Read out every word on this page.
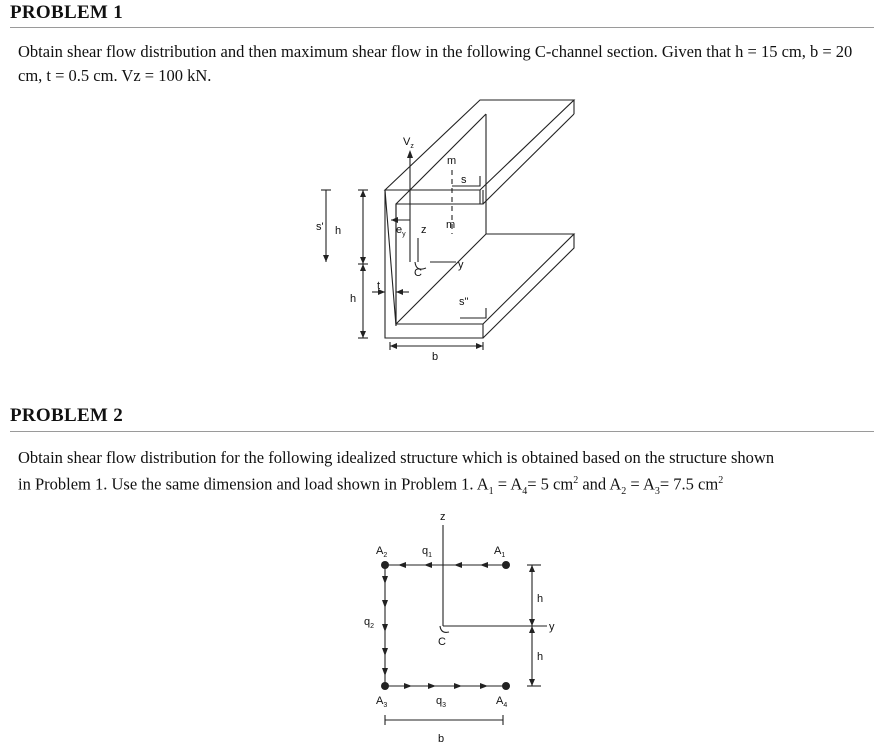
PROBLEM 1
Obtain shear flow distribution and then maximum shear flow in the following C-channel section. Given that h = 15 cm, b = 20 cm, t = 0.5 cm. Vz = 100 kN.
$V_z$
m
s
m
$e_y$ z
C
y
s"
s' h
h
t
b
PROBLEM 2
Obtain shear flow distribution for the following idealized structure which is obtained based on the structure shown
in Problem 1. Use the same dimension and load shown in Problem 1. $A_1 = A_4= 5$ $cm^2$ and $A_2 = A_3= 7.5$ $cm^2$
z
$A_2$	$q_1$	$A_1$
$q_2$
C
y
h
h
$A_3$	$q_3$	$A_4$
b
